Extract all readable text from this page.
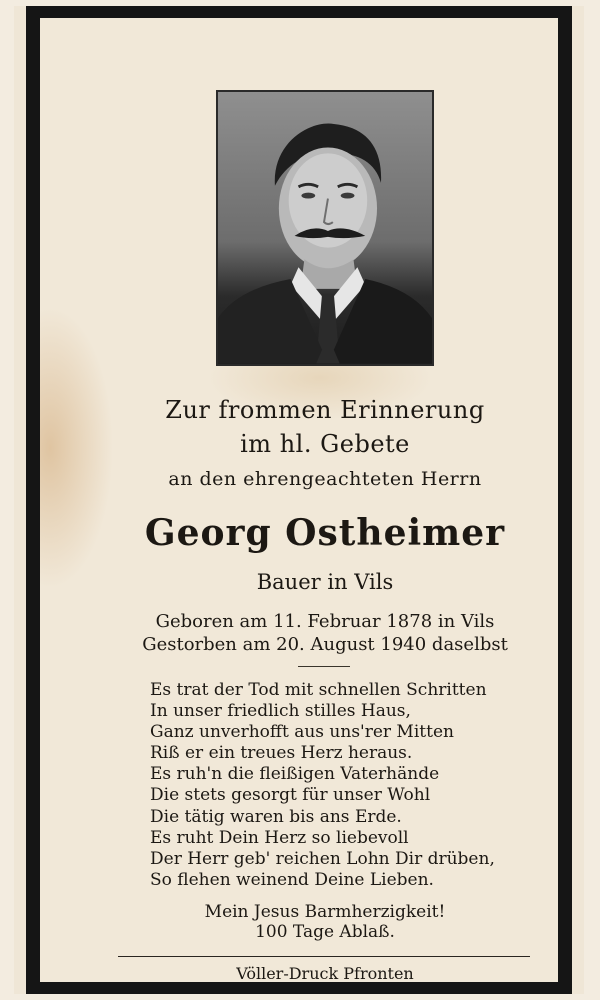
Zur frommen Erinnerung
im hl. Gebete
an den ehrengeachteten Herrn
Georg Ostheimer
Bauer in Vils
Geboren am 11. Februar 1878 in Vils
Gestorben am 20. August 1940 daselbst
Es trat der Tod mit schnellen Schritten
In unser friedlich stilles Haus,
Ganz unverhofft aus uns'rer Mitten
Riß er ein treues Herz heraus.
Es ruh'n die fleißigen Vaterhände
Die stets gesorgt für unser Wohl
Die tätig waren bis ans Erde.
Es ruht Dein Herz so liebevoll
Der Herr geb' reichen Lohn Dir drüben,
So flehen weinend Deine Lieben.
Mein Jesus Barmherzigkeit!
100 Tage Ablaß.
Völler-Druck Pfronten
